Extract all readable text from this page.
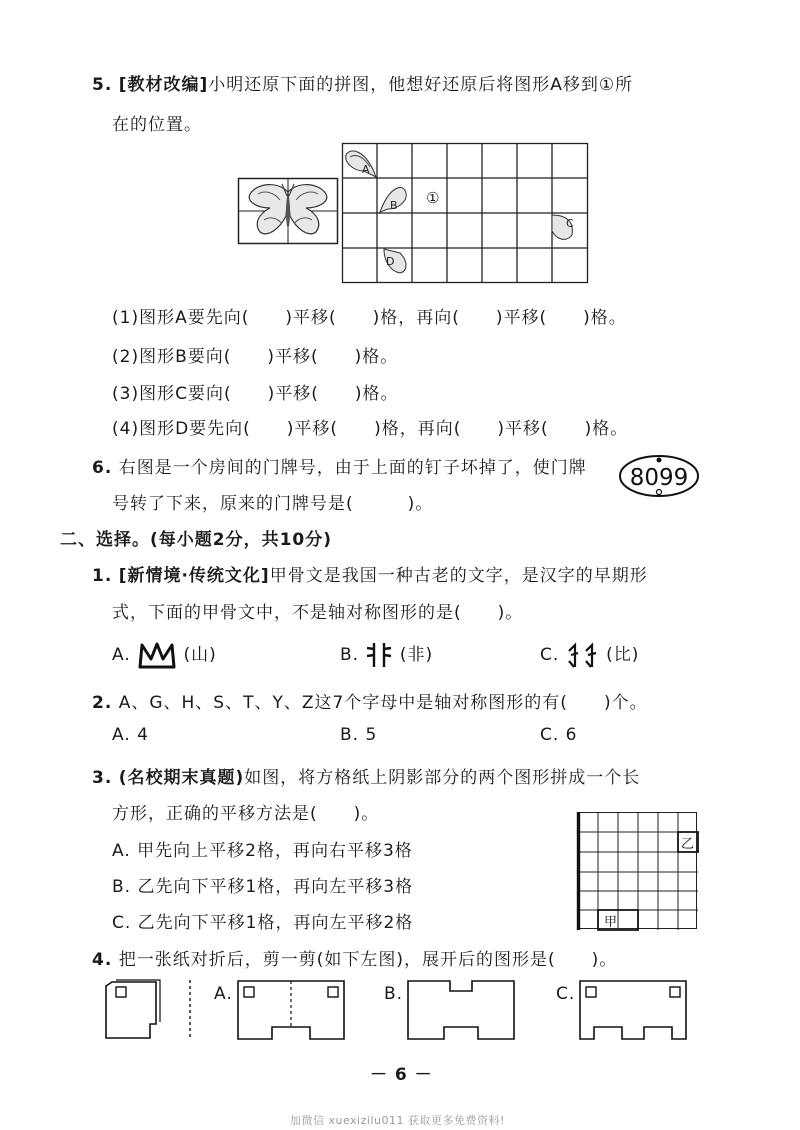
5. [教材改编]小明还原下面的拼图，他想好还原后将图形A移到①所
在的位置。
A
B ①
C
D
(1)图形A要先向(　　)平移(　　)格，再向(　　)平移(　　)格。
(2)图形B要向(　　)平移(　　)格。
(3)图形C要向(　　)平移(　　)格。
(4)图形D要先向(　　)平移(　　)格，再向(　　)平移(　　)格。
6. 右图是一个房间的门牌号，由于上面的钉子坏掉了，使门牌
号转了下来，原来的门牌号是(　　　)。
8099
二、选择。(每小题2分，共10分)
1. [新情境·传统文化]甲骨文是我国一种古老的文字，是汉字的早期形
式，下面的甲骨文中，不是轴对称图形的是(　　)。
A.	(山)	B. (非)	C.	(比)
2. A、G、H、S、T、Y、Z这7个字母中是轴对称图形的有(　　)个。
A. 4	B. 5	C. 6
3. (名校期末真题)如图，将方格纸上阴影部分的两个图形拼成一个长
方形，正确的平移方法是(　　)。
A. 甲先向上平移2格，再向右平移3格
B. 乙先向下平移1格，再向左平移3格
C. 乙先向下平移1格，再向左平移2格
乙
甲
4. 把一张纸对折后，剪一剪(如下左图)，展开后的图形是(　　)。
A.	B.	C.
－ 6 －
加微信 xuexizilu011 获取更多免费资料!
